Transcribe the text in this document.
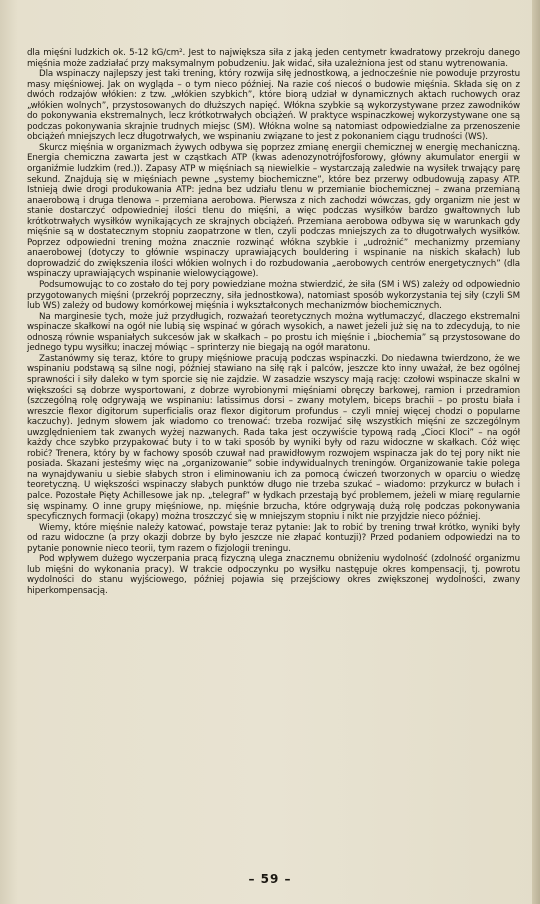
dla mięśni ludzkich ok. 5-12 kG/cm². Jest to największa siła z jaką jeden centymetr kwadratowy przekroju danego mięśnia może zadziałać przy maksymalnym pobudzeniu. Jak widać, siła uzależniona jest od stanu wytrenowania.

Dla wspinaczy najlepszy jest taki trening, który rozwija siłę jednostkową, a jednocześnie nie powoduje przyrostu masy mięśniowej. Jak on wygląda – o tym nieco później. Na razie coś niecoś o budowie mięśnia. Składa się on z dwóch rodzajów włókien: z tzw. „włókien szybkich”, które biorą udział w dynamicznych aktach ruchowych oraz „włókien wolnych”, przystosowanych do dłuższych napięć. Włókna szybkie są wykorzystywane przez zawodników do pokonywania ekstremalnych, lecz krótkotrwałych obciążeń. W praktyce wspinaczkowej wykorzystywane one są podczas pokonywania skrajnie trudnych miejsc (SM). Włókna wolne są natomiast odpowiedzialne za przenoszenie obciążeń mniejszych lecz długotrwałych, we wspinaniu związane to jest z pokonaniem ciągu trudności (WS).

Skurcz mięśnia w organizmach żywych odbywa się poprzez zmianę energii chemicznej w energię mechaniczną. Energia chemiczna zawarta jest w cząstkach ATP (kwas adenozynotrójfosforowy, główny akumulator energii w organiźmie ludzkim (red.)). Zapasy ATP w mięśniach są niewielkie – wystarczają zaledwie na wysiłek trwający parę sekund. Znajdują się w mięśniach pewne „systemy biochemiczne”, które bez przerwy odbudowują zapasy ATP. Istnieją dwie drogi produkowania ATP: jedna bez udziału tlenu w przemianie biochemicznej – zwana przemianą anaerobową i druga tlenowa – przemiana aerobowa. Pierwsza z nich zachodzi wówczas, gdy organizm nie jest w stanie dostarczyć odpowiedniej ilości tlenu do mięśni, a więc podczas wysiłków bardzo gwałtownych lub krótkotrwałych wysiłków wynikających ze skrajnych obciążeń. Przemiana aerobowa odbywa się w warunkach gdy mięśnie są w dostatecznym stopniu zaopatrzone w tlen, czyli podczas mniejszych za to długotrwałych wysiłków. Poprzez odpowiedni trening można znacznie rozwinąć włókna szybkie i „udrożnić” mechanizmy przemiany anaerobowej (dotyczy to głównie wspinaczy uprawiających bouldering i wspinanie na niskich skałach) lub doprowadzić do zwiększenia ilości włókien wolnych i do rozbudowania „aerobowych centrów energetycznych” (dla wspinaczy uprawiających wspinanie wielowyciągowe).

Podsumowując to co zostało do tej pory powiedziane można stwierdzić, że siła (SM i WS) zależy od odpowiednio przygotowanych mięśni (przekrój poprzeczny, siła jednostkowa), natomiast sposób wykorzystania tej siły (czyli SM lub WS) zależy od budowy komórkowej mięśnia i wykształconych mechanizmów biochemicznych.

Na marginesie tych, może już przydługich, rozważań teoretycznych można wytłumaczyć, dlaczego ekstremalni wspinacze skałkowi na ogół nie lubią się wspinać w górach wysokich, a nawet jeżeli już się na to zdecydują, to nie odnoszą równie wspaniałych sukcesów jak w skałkach – po prostu ich mięśnie i „biochemia” są przystosowane do jednego typu wysiłku; inaczej mówiąc – sprinterzy nie biegają na ogół maratonu.

Zastanówmy się teraz, które to grupy mięśniowe pracują podczas wspinaczki. Do niedawna twierdzono, że we wspinaniu podstawą są silne nogi, później stawiano na siłę rąk i palców, jeszcze kto inny uważał, że bez ogólnej sprawności i siły daleko w tym sporcie się nie zajdzie. W zasadzie wszyscy mają rację: czołowi wspinacze skalni w większości są dobrze wysportowani, z dobrze wyrobionymi mięśniami obręczy barkowej, ramion i przedramion (szczególną rolę odgrywają we wspinaniu: latissimus dorsi – zwany motylem, biceps brachii – po prostu biała i wreszcie flexor digitorum superficialis oraz flexor digitorum profundus – czyli mniej więcej chodzi o popularne kaczuchy). Jednym słowem jak wiadomo co trenować: trzeba rozwijać siłę wszystkich mięśni ze szczególnym uwzględnieniem tak zwanych wyżej nazwanych. Rada taka jest oczywiście typową radą „Cioci Kloci” – na ogół każdy chce szybko przypakować buty i to w taki sposób by wyniki były od razu widoczne w skałkach. Cóż więc robić? Trenera, który by w fachowy sposób czuwał nad prawidłowym rozwojem wspinacza jak do tej pory nikt nie posiada. Skazani jesteśmy więc na „organizowanie” sobie indywidualnych treningów. Organizowanie takie polega na wynajdywaniu u siebie słabych stron i eliminowaniu ich za pomocą ćwiczeń tworzonych w oparciu o wiedzę teoretyczną. U większości wspinaczy słabych punktów długo nie trzeba szukać – wiadomo: przykurcz w bułach i palce. Pozostałe Pięty Achillesowe jak np. „telegraf” w łydkach przestają być problemem, jeżeli w miarę regularnie się wspinamy. O inne grupy mięśniowe, np. mięśnie brzucha, które odgrywają dużą rolę podczas pokonywania specyficznych formacji (okapy) można troszczyć się w mniejszym stopniu i nikt nie przyjdzie nieco później.

Wiemy, które mięśnie należy katować, powstaje teraz pytanie: Jak to robić by trening trwał krótko, wyniki były od razu widoczne (a przy okazji dobrze by było jeszcze nie złapać kontuzji)? Przed podaniem odpowiedzi na to pytanie ponownie nieco teorii, tym razem o fizjologii treningu.

Pod wpływem dużego wyczerpania pracą fizyczną ulega znacznemu obniżeniu wydolność (zdolność organizmu lub mięśni do wykonania pracy). W trakcie odpoczynku po wysiłku następuje okres kompensacji, tj. powrotu wydolności do stanu wyjściowego, później pojawia się przejściowy okres zwiększonej wydolności, zwany hiperkompensacją.

– 59 –
